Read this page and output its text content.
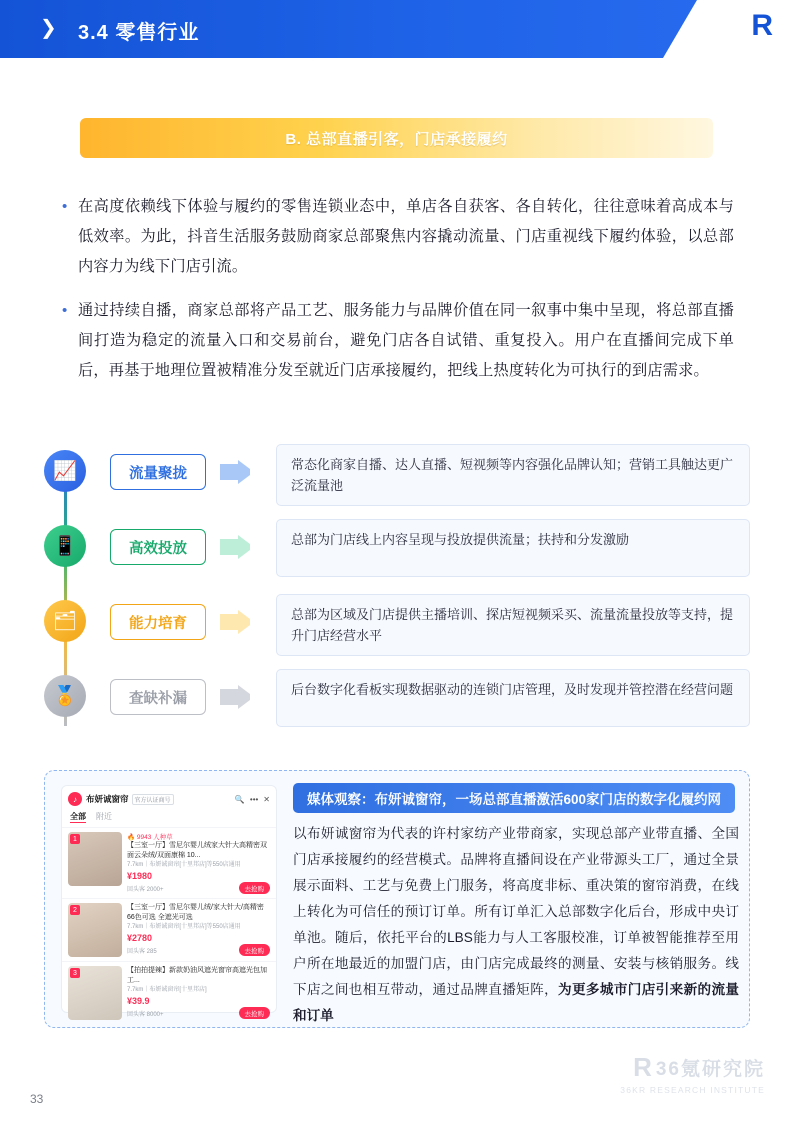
R
❯ 3.4 零售行业
B. 总部直播引客，门店承接履约
• 在高度依赖线下体验与履约的零售连锁业态中，单店各自获客、各自转化，往往意味着高成本与低效率。为此，抖音生活服务鼓励商家总部聚焦内容撬动流量、门店重视线下履约体验，以总部内容力为线下门店引流。
• 通过持续自播，商家总部将产品工艺、服务能力与品牌价值在同一叙事中集中呈现，将总部直播间打造为稳定的流量入口和交易前台，避免门店各自试错、重复投入。用户在直播间完成下单后，再基于地理位置被精准分发至就近门店承接履约，把线上热度转化为可执行的到店需求。
📈	流量聚拢
常态化商家自播、达人直播、短视频等内容强化品牌认知；营销工具触达更广泛流量池
📱	高效投放
总部为门店线上内容呈现与投放提供流量；扶持和分发激励
🗂	能力培育
总部为区域及门店提供主播培训、探店短视频采买、流量流量投放等支持，提升门店经营水平
🏅	查缺补漏
后台数字化看板实现数据驱动的连锁门店管理，及时发现并管控潜在经营问题
♪	布妍诚窗帘	官方认证商号	🔍 ••• ✕
全部 附近
1	🔥 9943 人种草
【三室一厅】雪尼尔婴儿绒家大针大高精密双面云朵绒/双面康棉 10...
7.7km｜布妍诚窗帘[十里邦店]等550店通用
¥1980
回头客 2000+	去抢购
2	【三室一厅】雪尼尔婴儿绒/家大针大/高精密 66色可选 全遮光可选
7.7km｜布妍诚窗帘[十里邦店]等550店通用
¥2780
回头客 285	去抢购
3	【拍拍提辣】新款奶油风遮光窗帘高遮光包加工...
7.7km｜布妍诚窗帘[十里邦店]
¥39.9
回头客 8000+	去抢购
媒体观察：布妍诚窗帘，一场总部直播激活600家门店的数字化履约网
以布妍诚窗帘为代表的许村家纺产业带商家，实现总部产业带直播、全国门店承接履约的经营模式。品牌将直播间设在产业带源头工厂，通过全景展示面料、工艺与免费上门服务，将高度非标、重决策的窗帘消费，在线上转化为可信任的预订订单。所有订单汇入总部数字化后台，形成中央订单池。随后，依托平台的LBS能力与人工客服校准，订单被智能推荐至用户所在地最近的加盟门店，由门店完成最终的测量、安装与核销服务。线下店之间也相互带动，通过品牌直播矩阵，为更多城市门店引来新的流量和订单
33
R 36氪研究院
36KR RESEARCH INSTITUTE
